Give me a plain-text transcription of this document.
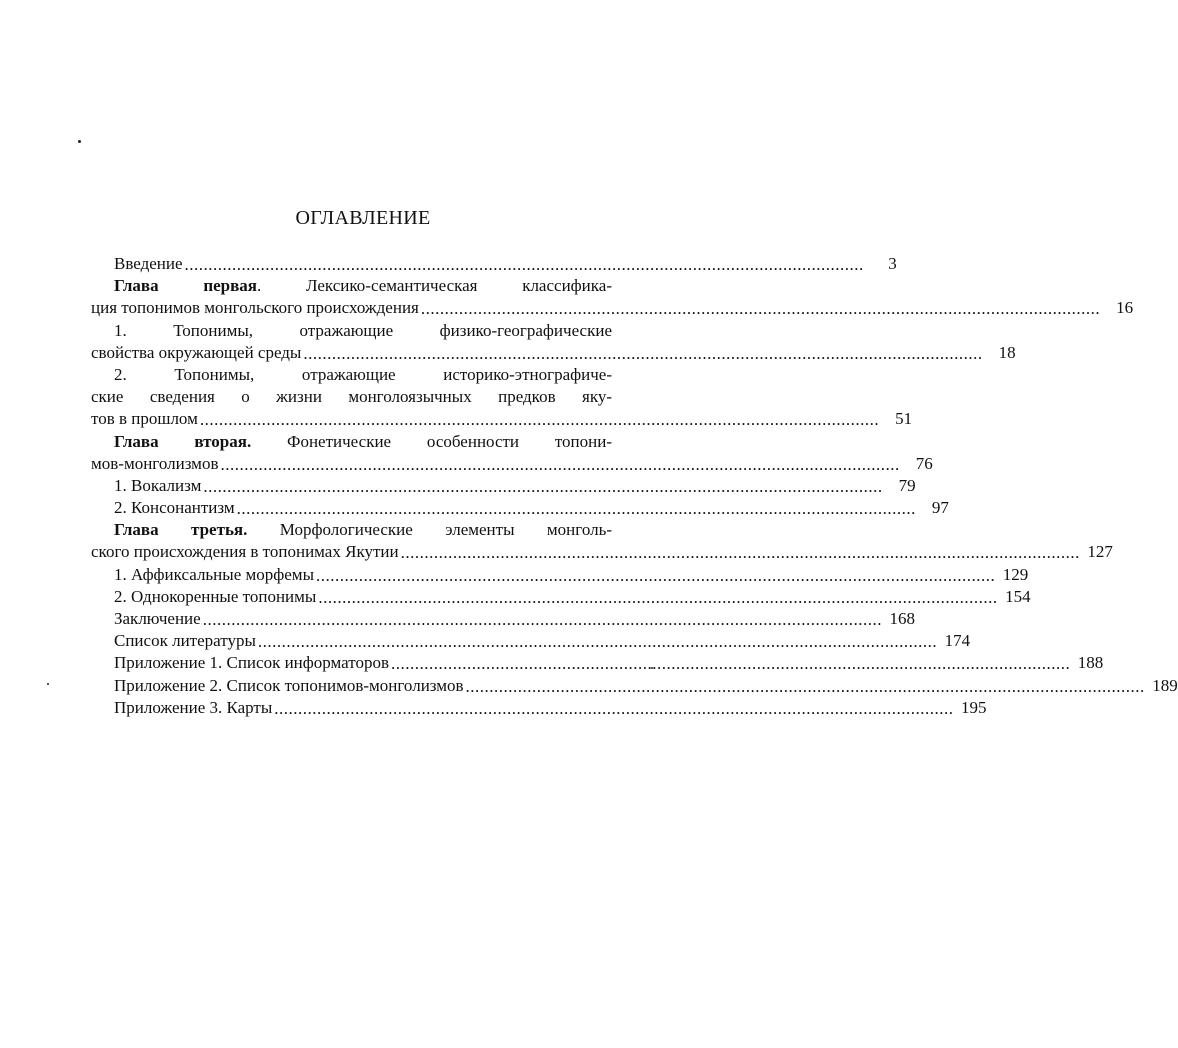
ОГЛАВЛЕНИЕ
Введение .....	3
Глава первая. Лексико-семантическая классифика-
ция топонимов монгольского происхождения .....	16
1. Топонимы, отражающие физико-географические
свойства окружающей среды .....	18
2. Топонимы, отражающие историко-этнографиче-
ские сведения о жизни монголоязычных предков яку-
тов в прошлом .....	51
Глава вторая. Фонетические особенности топони-
мов-монголизмов .....	76
1. Вокализм .....	79
2. Консонантизм .....	97
Глава третья. Морфологические элементы монголь-
ского происхождения в топонимах Якутии .....	127
1. Аффиксальные морфемы .....	129
2. Однокоренные топонимы .....	154
Заключение .....	168
Список литературы .....	174
Приложение 1. Список информаторов .....	188
Приложение 2. Список топонимов-монголизмов .....	189
Приложение 3. Карты .....	195
